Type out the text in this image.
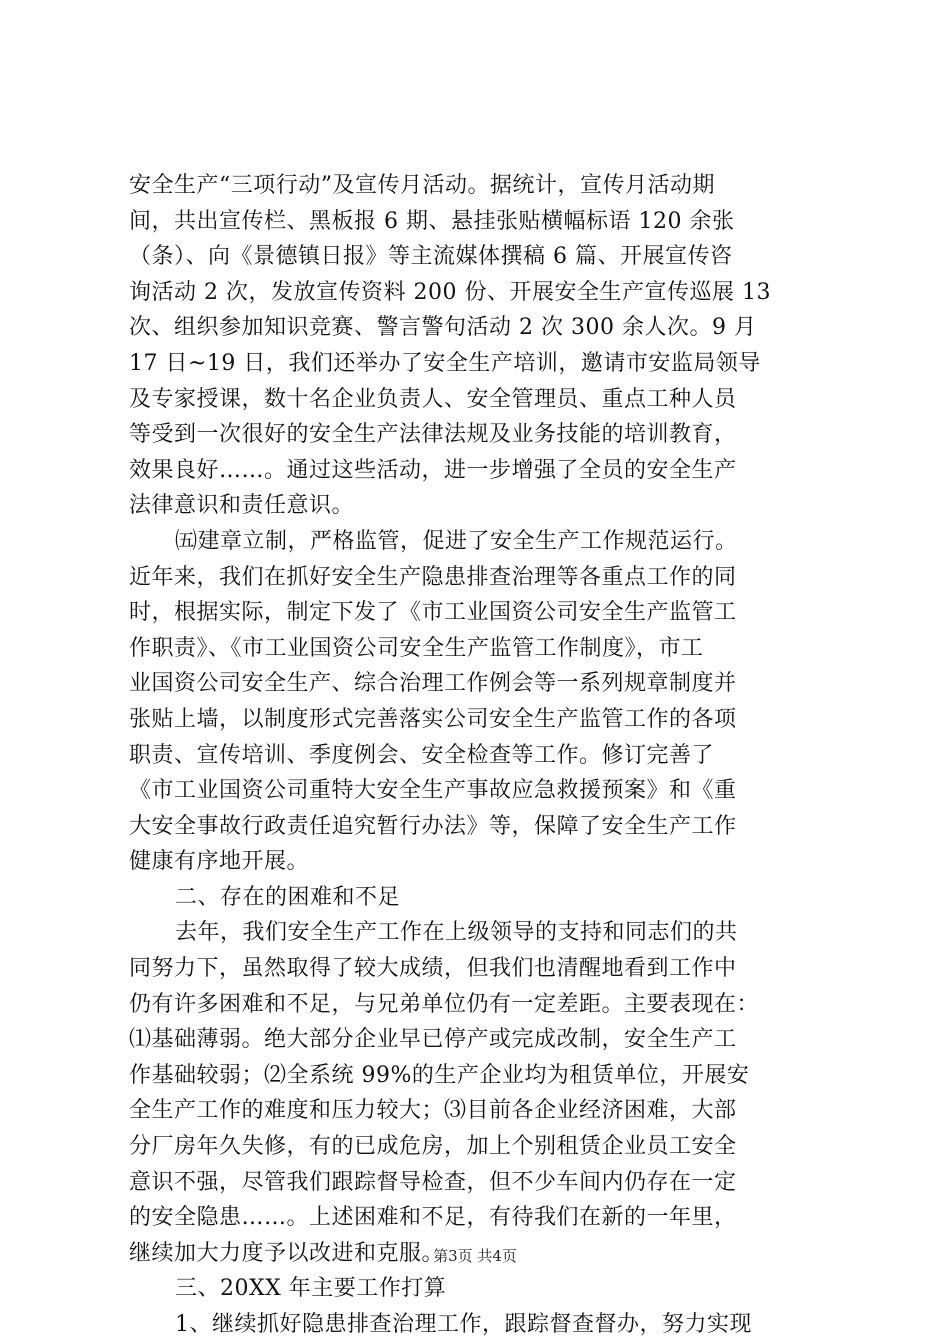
安全生产“三项行动”及宣传月活动。据统计，宣传月活动期
间，共出宣传栏、黑板报 6 期、悬挂张贴横幅标语 120 余张
（条）、向《景德镇日报》等主流媒体撰稿 6 篇、开展宣传咨
询活动 2 次，发放宣传资料 200 份、开展安全生产宣传巡展 13
次、组织参加知识竞赛、警言警句活动 2 次 300 余人次。9 月
17 日~19 日，我们还举办了安全生产培训，邀请市安监局领导
及专家授课，数十名企业负责人、安全管理员、重点工种人员
等受到一次很好的安全生产法律法规及业务技能的培训教育，
效果良好……。通过这些活动，进一步增强了全员的安全生产
法律意识和责任意识。
㈤建章立制，严格监管，促进了安全生产工作规范运行。
近年来，我们在抓好安全生产隐患排查治理等各重点工作的同
时，根据实际，制定下发了《市工业国资公司安全生产监管工
作职责》、《市工业国资公司安全生产监管工作制度》，市工
业国资公司安全生产、综合治理工作例会等一系列规章制度并
张贴上墙，以制度形式完善落实公司安全生产监管工作的各项
职责、宣传培训、季度例会、安全检查等工作。修订完善了
《市工业国资公司重特大安全生产事故应急救援预案》和《重
大安全事故行政责任追究暂行办法》等，保障了安全生产工作
健康有序地开展。
二、存在的困难和不足
去年，我们安全生产工作在上级领导的支持和同志们的共
同努力下，虽然取得了较大成绩，但我们也清醒地看到工作中
仍有许多困难和不足，与兄弟单位仍有一定差距。主要表现在：
⑴基础薄弱。绝大部分企业早已停产或完成改制，安全生产工
作基础较弱；⑵全系统 99%的生产企业均为租赁单位，开展安
全生产工作的难度和压力较大；⑶目前各企业经济困难，大部
分厂房年久失修，有的已成危房，加上个别租赁企业员工安全
意识不强，尽管我们跟踪督导检查，但不少车间内仍存在一定
的安全隐患……。上述困难和不足，有待我们在新的一年里，
继续加大力度予以改进和克服。
三、20XX 年主要工作打算
1、继续抓好隐患排查治理工作，跟踪督查督办，努力实现
第3页 共4页
